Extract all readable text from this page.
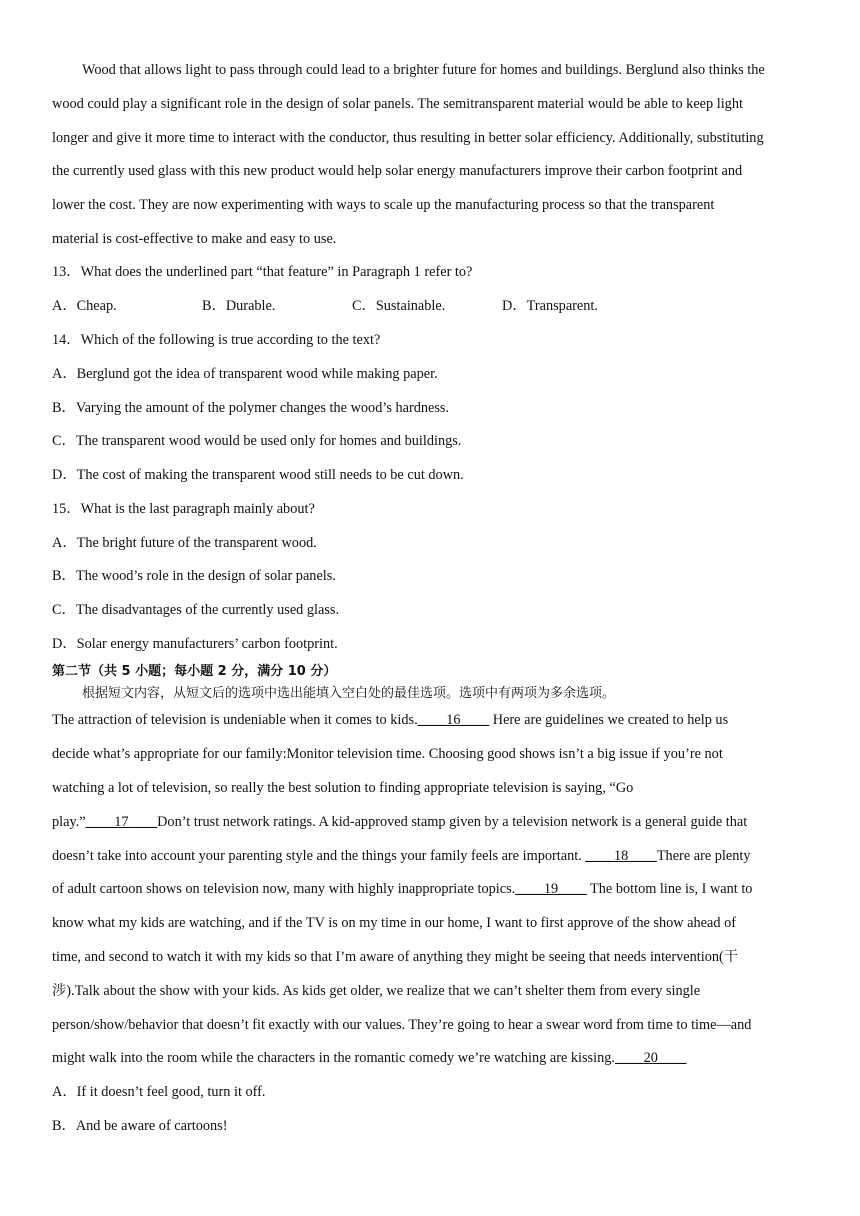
Wood that allows light to pass through could lead to a brighter future for homes and buildings. Berglund also thinks the
wood could play a significant role in the design of solar panels. The semitransparent material would be able to keep light
longer and give it more time to interact with the conductor, thus resulting in better solar efficiency. Additionally, substituting
the currently used glass with this new product would help solar energy manufacturers improve their carbon footprint and
lower the cost. They are now experimenting with ways to scale up the manufacturing process so that the transparent
material is cost-effective to make and easy to use.
13．What does the underlined part “that feature” in Paragraph 1 refer to?
A．Cheap.	B．Durable.	C．Sustainable.	D．Transparent.
14．Which of the following is true according to the text?
A．Berglund got the idea of transparent wood while making paper.
B．Varying the amount of the polymer changes the wood’s hardness.
C．The transparent wood would be used only for homes and buildings.
D．The cost of making the transparent wood still needs to be cut down.
15．What is the last paragraph mainly about?
A．The bright future of the transparent wood.
B．The wood’s role in the design of solar panels.
C．The disadvantages of the currently used glass.
D．Solar energy manufacturers’ carbon footprint.
第二节（共 5 小题；每小题 2 分，满分 10 分）
根据短文内容，从短文后的选项中选出能填入空白处的最佳选项。选项中有两项为多余选项。
The attraction of television is undeniable when it comes to kids.____16____ Here are guidelines we created to help us
decide what’s appropriate for our family:Monitor television time. Choosing good shows isn’t a big issue if you’re not
watching a lot of television, so really the best solution to finding appropriate television is saying, “Go
play.”____17____Don’t trust network ratings. A kid-approved stamp given by a television network is a general guide that
doesn’t take into account your parenting style and the things your family feels are important. ____18____There are plenty
of adult cartoon shows on television now, many with highly inappropriate topics.____19____ The bottom line is, I want to
know what my kids are watching, and if the TV is on my time in our home, I want to first approve of the show ahead of
time, and second to watch it with my kids so that I’m aware of anything they might be seeing that needs intervention(干
涉).Talk about the show with your kids. As kids get older, we realize that we can’t shelter them from every single
person/show/behavior that doesn’t fit exactly with our values. They’re going to hear a swear word from time to time—and
might walk into the room while the characters in the romantic comedy we’re watching are kissing.____20____
A．If it doesn’t feel good, turn it off.
B．And be aware of cartoons!
